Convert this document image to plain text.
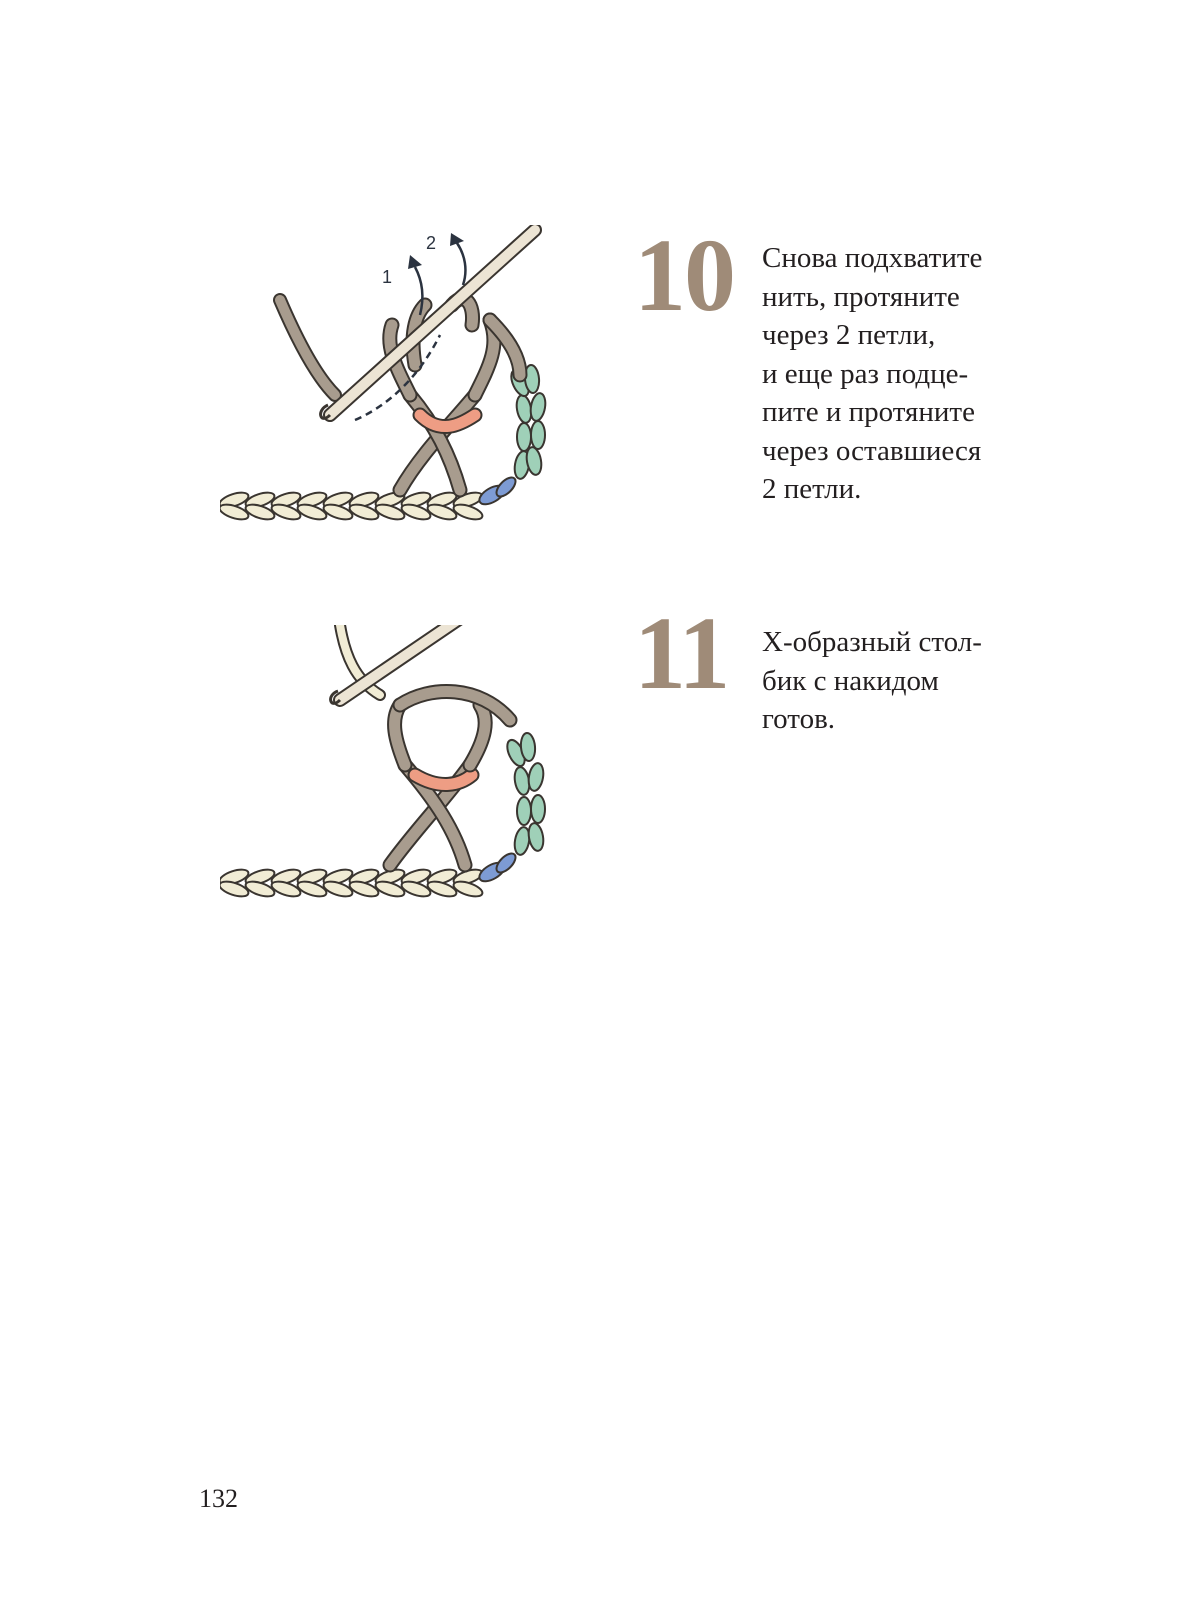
1
2 10 Снова подхватите
нить, протяните
через 2 петли,
и еще раз подце-
пите и протяните
через оставшиеся
2 петли.
11 Х-образный стол-
бик с накидом
готов.
132
